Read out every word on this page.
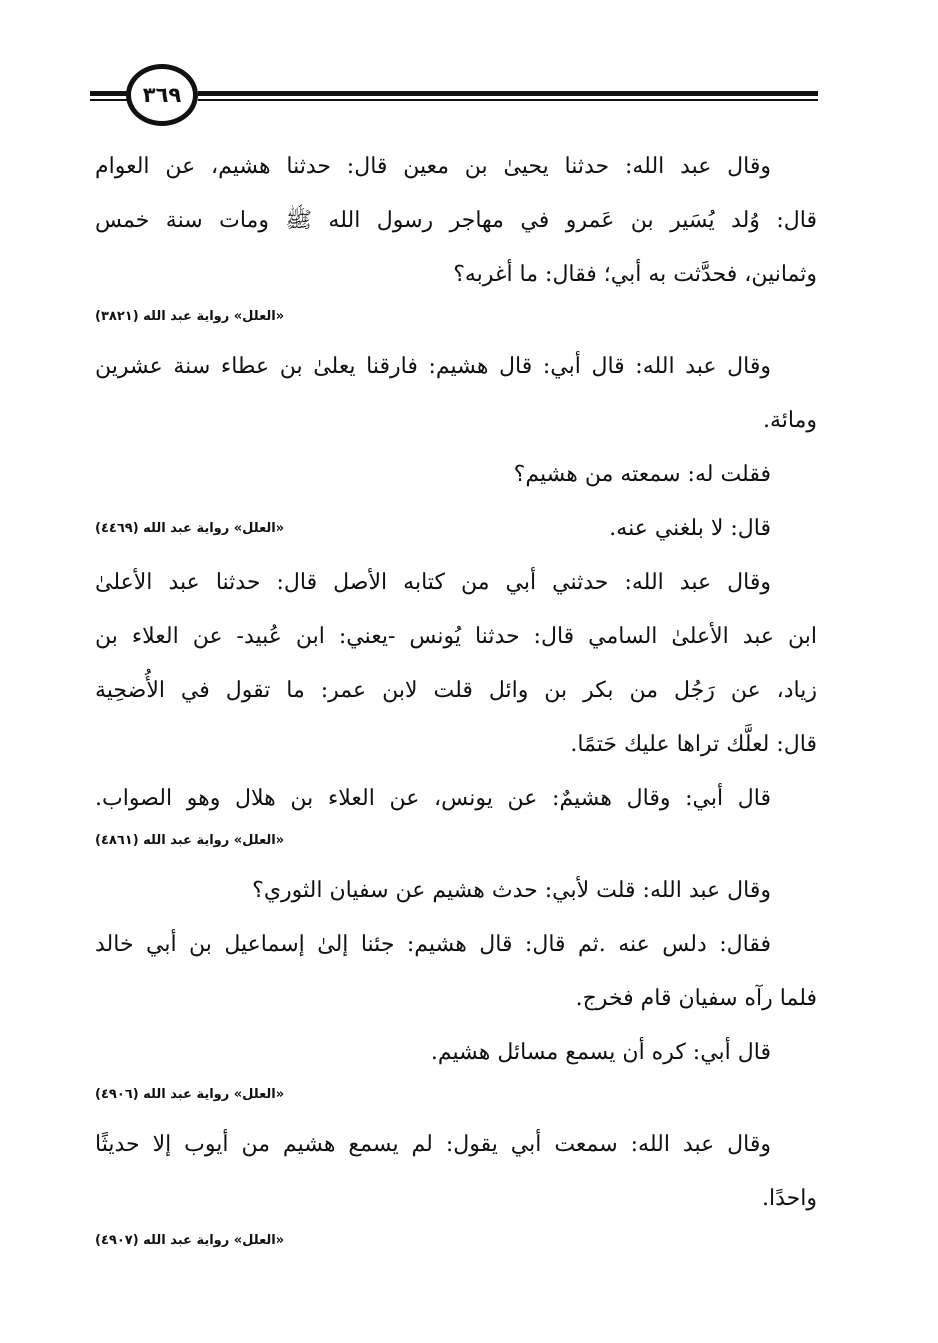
٣٦٩
وقال عبد الله: حدثنا يحيىٰ بن معين قال: حدثنا هشيم، عن العوام
قال: وُلد يُسَير بن عَمرو في مهاجر رسول الله ﷺ ومات سنة خمس
وثمانين، فحدَّثت به أبي؛ فقال: ما أغربه؟
«العلل» رواية عبد الله (٣٨٢١)
وقال عبد الله: قال أبي: قال هشيم: فارقنا يعلىٰ بن عطاء سنة عشرين
ومائة.
فقلت له: سمعته من هشيم؟
قال: لا بلغني عنه.
«العلل» رواية عبد الله (٤٤٦٩)
وقال عبد الله: حدثني أبي من كتابه الأصل قال: حدثنا عبد الأعلىٰ
ابن عبد الأعلىٰ السامي قال: حدثنا يُونس -يعني: ابن عُبيد- عن العلاء بن
زياد، عن رَجُل من بكر بن وائل قلت لابن عمر: ما تقول في الأُضحِية
قال: لعلَّك تراها عليك حَتمًا.
قال أبي: وقال هشيمٌ: عن يونس، عن العلاء بن هلال وهو الصواب.
«العلل» رواية عبد الله (٤٨٦١)
وقال عبد الله: قلت لأبي: حدث هشيم عن سفيان الثوري؟
فقال: دلس عنه .ثم قال: قال هشيم: جئنا إلىٰ إسماعيل بن أبي خالد
فلما رآه سفيان قام فخرج.
قال أبي: كره أن يسمع مسائل هشيم.
«العلل» رواية عبد الله (٤٩٠٦)
وقال عبد الله: سمعت أبي يقول: لم يسمع هشيم من أيوب إلا حديثًا
واحدًا.
«العلل» رواية عبد الله (٤٩٠٧)
